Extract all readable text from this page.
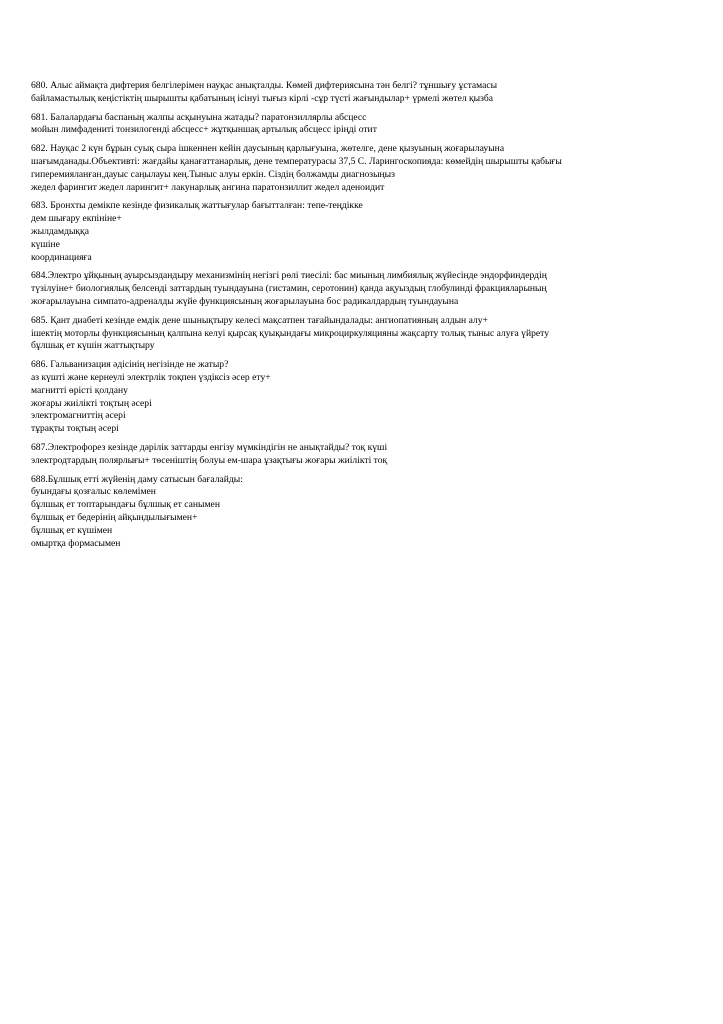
680. Алыс аймақта дифтерия белгілерімен науқас анықталды. Көмей дифтериясына тән белгі? тұншығу ұстамасы
байламастылық кеңістіктің шырышты қабатының ісінуі тығыз кірлі -сұр түсті жағындылар+ үрмелі жөтел қызба
681. Балалардағы баспаның жалпы асқынуына жатады? паратонзиллярлы абсцесс
мойын лимфадениті тонзилогенді абсцесс+ жұтқыншақ артылық абсцесс іріңді отит
682. Науқас 2 күн бұрын суық сыра ішкеннен кейін даусының қарлығуына, жөтелге, дене қызуының жоғарылауына
шағымданады.Объективті: жағдайы қанағаттанарлық, дене температурасы 37,5 С. Ларингоскопияда: көмейдің шырышты қабығы
гиперемияланған,дауыс саңылауы кең.Тыныс алуы еркін. Сіздің болжамды диагнозыңыз
жедел фарингит жедел ларингит+ лакунарлық ангина паратонзиллит жедел аденоидит
683. Бронхты демікпе кезінде физикалық жаттығулар бағытталған: тепе-теңдікке
дем шығару екпініне+
жылдамдыққа
күшіне
координацияға
684.Электро ұйқының ауырсыздандыру механизмінің негізгі рөлі тиесілі: бас миының лимбиялық жүйесінде эндорфиндердің
түзілуіне+ биологиялық белсенді заттардың туындауына (гистамин, серотонин) қанда ақуыздың глобулинді фракцияларының
жоғарылауына симпато-адреналды жүйе функциясының жоғарылауына бос радикалдардың туындауына
685. Қант диабеті кезінде емдік дене шынықтыру келесі мақсатпен тағайындалады: ангиопатияның алдын алу+
ішектің моторлы функциясының қалпына келуі қырсақ қуықындағы микроциркуляцияны жақсарту толық тыныс алуға үйрету
бұлшық ет күшін жаттықтыру
686. Гальванизация әдісінің негізінде не жатыр?
аз күшті және кернеулі электрлік тоқпен үздіксіз әсер ету+
магнитті өрісті қолдану
жоғары жиілікті тоқтың әсері
электромагниттің әсері
тұрақты тоқтың әсері
687.Электрофорез кезінде дәрілік заттарды енгізу мүмкіндігін не анықтайды? тоқ күші
электродтардың полярлығы+ төсеніштің болуы ем-шара ұзақтығы жоғары жиілікті тоқ
688.Бұлшық етті жүйенің даму сатысын бағалайды:
буындағы қозғалыс көлемімен
бұлшық ет топтарындағы бұлшық ет санымен
бұлшық ет бедерінің айқындылығымен+
бұлшық ет күшімен
омыртқа формасымен
